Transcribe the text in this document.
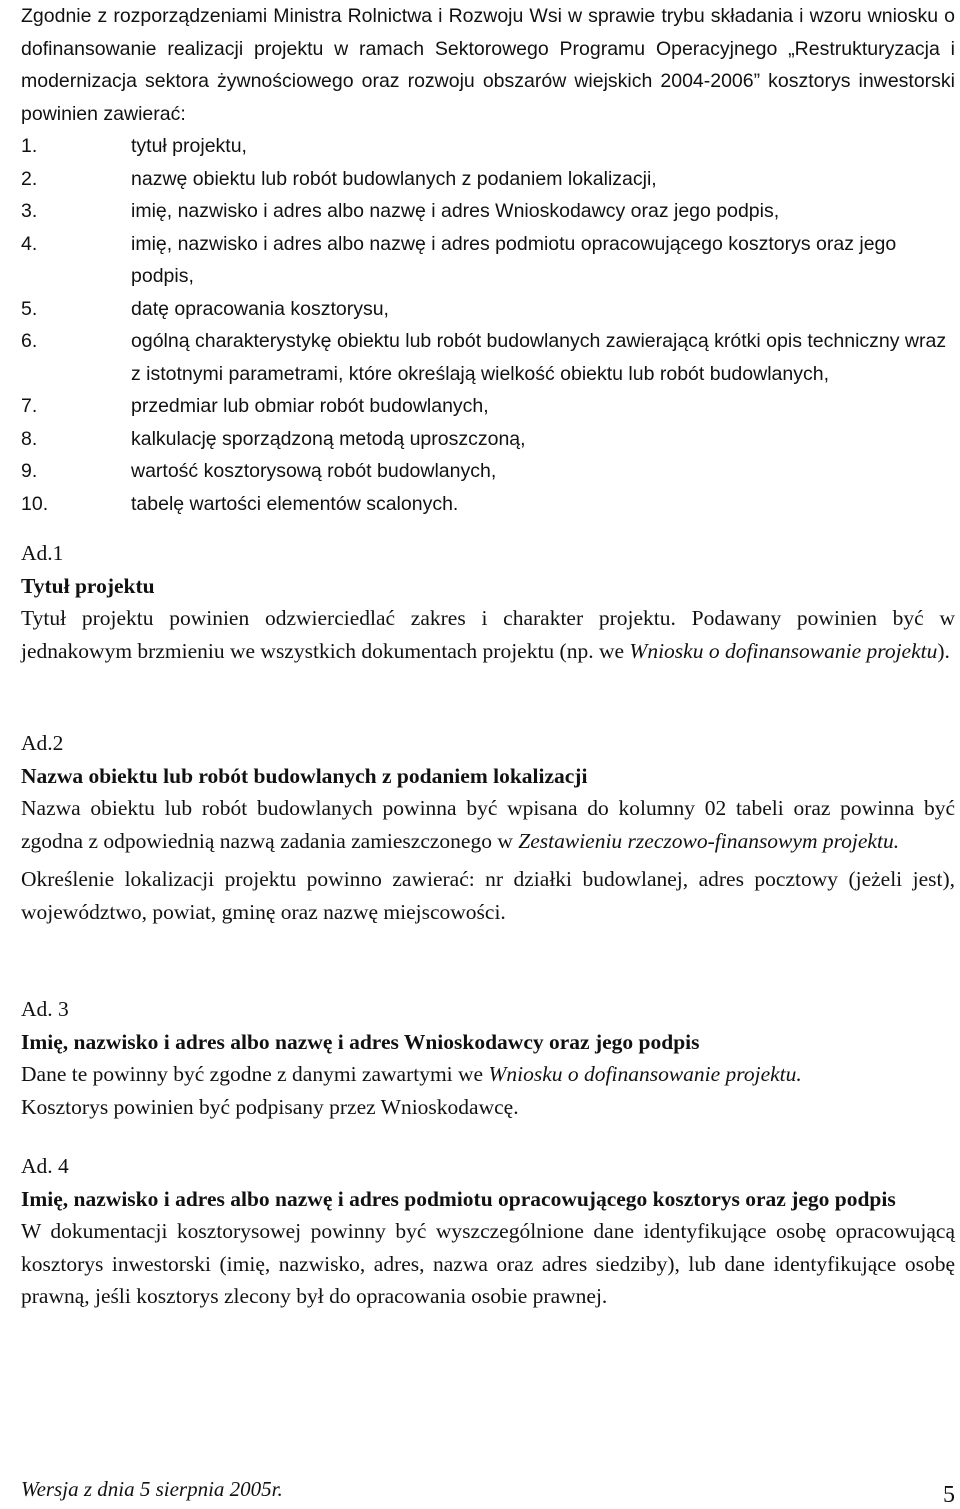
Zgodnie z rozporządzeniami Ministra Rolnictwa i Rozwoju Wsi w sprawie trybu składania i wzoru wniosku o dofinansowanie realizacji projektu w ramach Sektorowego Programu Operacyjnego „Restrukturyzacja i modernizacja sektora żywnościowego oraz rozwoju obszarów wiejskich 2004-2006” kosztorys inwestorski powinien zawierać:

1.	tytuł projektu,
2.	nazwę obiektu lub robót budowlanych z podaniem lokalizacji,
3.	imię, nazwisko i adres albo nazwę i adres Wnioskodawcy oraz jego podpis,
4.	imię, nazwisko i adres albo nazwę i adres podmiotu opracowującego kosztorys oraz jego podpis,
5.	datę opracowania kosztorysu,
6.	ogólną charakterystykę obiektu lub robót budowlanych zawierającą krótki opis techniczny wraz z istotnymi parametrami, które określają wielkość obiektu lub robót budowlanych,
7.	przedmiar lub obmiar robót budowlanych,
8.	kalkulację sporządzoną metodą uproszczoną,
9.	wartość kosztorysową robót budowlanych,
10.	tabelę wartości elementów scalonych.

Ad.1

Tytuł projektu

Tytuł projektu powinien odzwierciedlać zakres i charakter projektu. Podawany powinien być w jednakowym brzmieniu we wszystkich dokumentach projektu (np. we Wniosku o dofinansowanie projektu).

Ad.2

Nazwa obiektu lub robót budowlanych z podaniem lokalizacji

Nazwa obiektu lub robót budowlanych powinna być wpisana do kolumny 02 tabeli oraz powinna być zgodna z odpowiednią nazwą zadania zamieszczonego w Zestawieniu rzeczowo-finansowym projektu.

Określenie lokalizacji projektu powinno zawierać: nr działki budowlanej, adres pocztowy (jeżeli jest), województwo, powiat, gminę oraz nazwę miejscowości.

Ad. 3

Imię, nazwisko i adres albo nazwę i adres Wnioskodawcy oraz jego podpis

Dane te powinny być zgodne z danymi zawartymi we Wniosku o dofinansowanie projektu.

Kosztorys powinien być podpisany przez Wnioskodawcę.

Ad. 4

Imię, nazwisko i adres albo nazwę i adres podmiotu opracowującego kosztorys oraz jego podpis

W dokumentacji kosztorysowej powinny być wyszczególnione dane identyfikujące osobę opracowującą kosztorys inwestorski (imię, nazwisko, adres, nazwa oraz adres siedziby), lub dane identyfikujące osobę prawną, jeśli kosztorys zlecony był do opracowania osobie prawnej.

Wersja z dnia 5 sierpnia 2005r.	5
